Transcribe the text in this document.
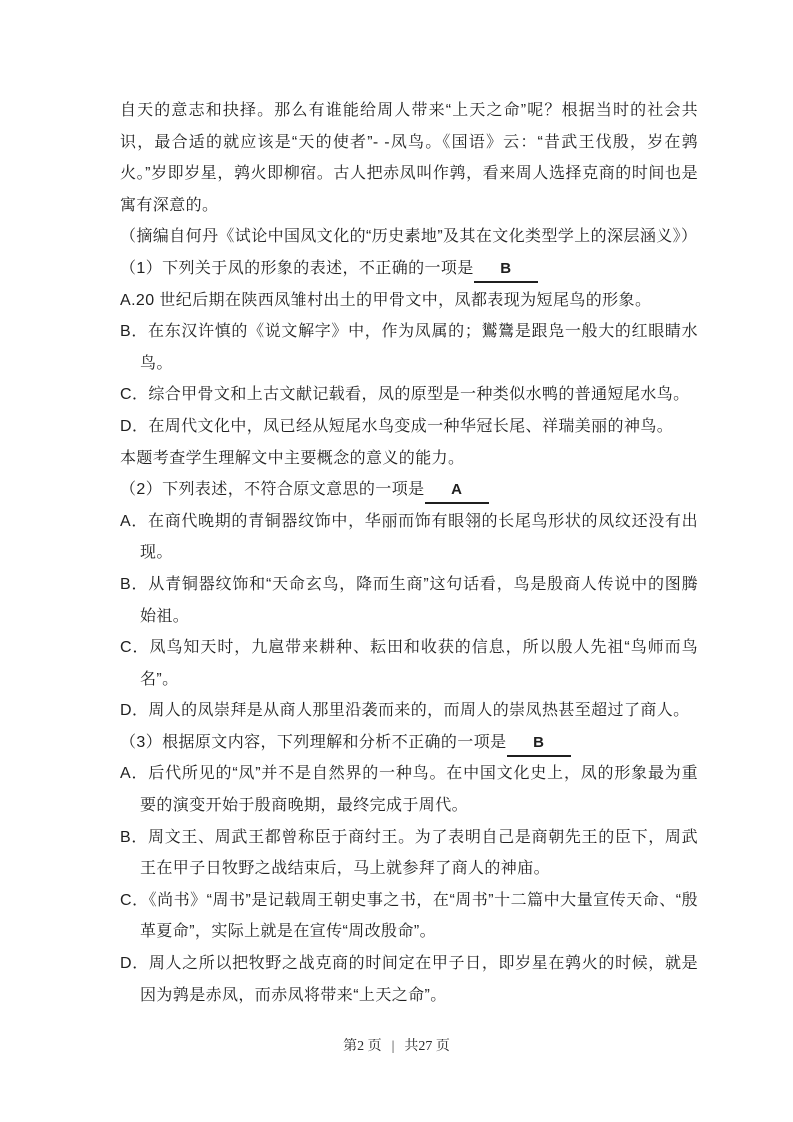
自天的意志和抉择。那么有谁能给周人带来“上天之命”呢？根据当时的社会共识，最合适的就应该是“天的使者”- -凤鸟。《国语》云：“昔武王伐殷，岁在鹑火。”岁即岁星，鹑火即柳宿。古人把赤凤叫作鹑，看来周人选择克商的时间也是寓有深意的。

（摘编自何丹《试论中国凤文化的“历史素地”及其在文化类型学上的深层涵义》）

（1）下列关于凤的形象的表述，不正确的一项是 B

A.20 世纪后期在陕西凤雏村出土的甲骨文中，凤都表现为短尾鸟的形象。

B．在东汉许慎的《说文解字》中，作为凤属的；鸑鷟是跟凫一般大的红眼睛水鸟。

C．综合甲骨文和上古文献记载看，凤的原型是一种类似水鸭的普通短尾水鸟。

D．在周代文化中，凤已经从短尾水鸟变成一种华冠长尾、祥瑞美丽的神鸟。

本题考查学生理解文中主要概念的意义的能力。

（2）下列表述，不符合原文意思的一项是 A

A．在商代晚期的青铜器纹饰中，华丽而饰有眼翎的长尾鸟形状的凤纹还没有出现。

B．从青铜器纹饰和“天命玄鸟，降而生商”这句话看，鸟是殷商人传说中的图腾始祖。

C．凤鸟知天时，九扈带来耕种、耘田和收获的信息，所以殷人先祖“鸟师而鸟名”。

D．周人的凤崇拜是从商人那里沿袭而来的，而周人的崇凤热甚至超过了商人。

（3）根据原文内容，下列理解和分析不正确的一项是 B

A．后代所见的“凤”并不是自然界的一种鸟。在中国文化史上，凤的形象最为重要的演变开始于殷商晚期，最终完成于周代。

B．周文王、周武王都曾称臣于商纣王。为了表明自己是商朝先王的臣下，周武王在甲子日牧野之战结束后，马上就参拜了商人的神庙。

C．《尚书》“周书”是记载周王朝史事之书，在“周书”十二篇中大量宣传天命、“殷革夏命”，实际上就是在宣传“周改殷命”。

D．周人之所以把牧野之战克商的时间定在甲子日，即岁星在鹑火的时候，就是因为鹑是赤凤，而赤凤将带来“上天之命”。

第2 页 | 共27 页
